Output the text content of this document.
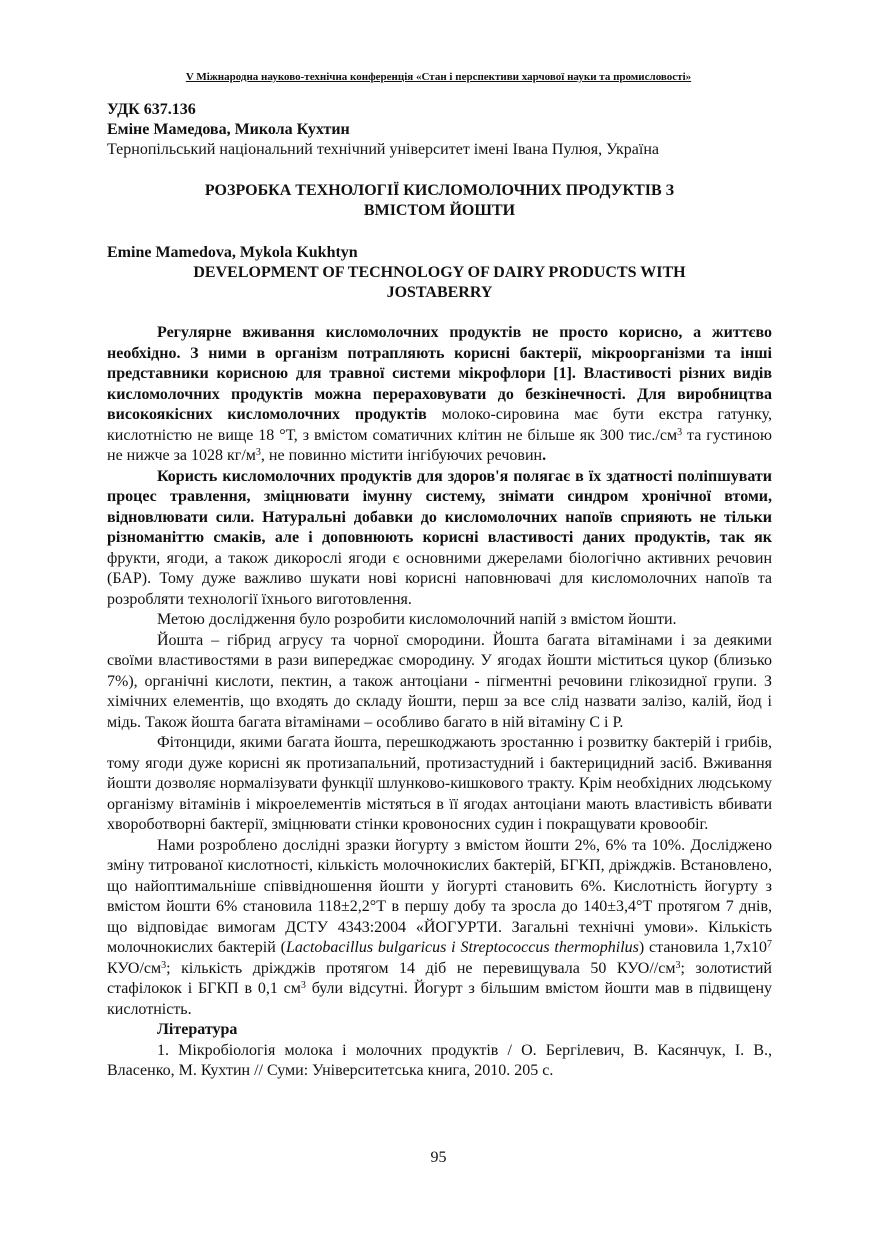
V Міжнародна науково-технічна конференція «Стан і перспективи харчової науки та промисловості»
УДК 637.136
Еміне Мамедова, Микола Кухтин
Тернопільський національний технічний університет імені Івана Пулюя, Україна
РОЗРОБКА ТЕХНОЛОГІЇ КИСЛОМОЛОЧНИХ ПРОДУКТІВ З
ВМІСТОМ ЙОШТИ
Emine Mamedova, Mykola Kukhtyn
DEVELOPMENT OF TECHNOLOGY OF DAIRY PRODUCTS WITH
JOSTABERRY

Регулярне вживання кисломолочних продуктів не просто корисно, а життєво необхідно. З ними в організм потрапляють корисні бактерії, мікроорганізми та інші представники корисною для травної системи мікрофлори [1]. Властивості різних видів кисломолочних продуктів можна перераховувати до безкінечності. Для виробництва високоякісних кисломолочних продуктів молоко-сировина має бути екстра гатунку, кислотністю не вище 18 °Т, з вмістом соматичних клітин не більше як 300 $тис./см^3$ та густиною не нижче за 1028 $кг/м^3$, не повинно містити інгібуючих речовин.

Користь кисломолочних продуктів для здоров'я полягає в їх здатності поліпшувати процес травлення, зміцнювати імунну систему, знімати синдром хронічної втоми, відновлювати сили. Натуральні добавки до кисломолочних напоїв сприяють не тільки різноманіттю смаків, але і доповнюють корисні властивості даних продуктів, так як фрукти, ягоди, а також дикорослі ягоди є основними джерелами біологічно активних речовин (БАР). Тому дуже важливо шукати нові корисні наповнювачі для кисломолочних напоїв та розробляти технології їхнього виготовлення.

Метою дослідження було розробити кисломолочний напій з вмістом йошти.

Йошта – гібрид агрусу та чорної смородини. Йошта багата вітамінами і за деякими своїми властивостями в рази випереджає смородину. У ягодах йошти міститься цукор (близько 7%), органічні кислоти, пектин, а також антоціани - пігментні речовини глікозидної групи. З хімічних елементів, що входять до складу йошти, перш за все слід назвати залізо, калій, йод і мідь. Також йошта багата вітамінами – особливо багато в ній вітаміну С і Р.

Фітонциди, якими багата йошта, перешкоджають зростанню і розвитку бактерій і грибів, тому ягоди дуже корисні як протизапальний, протизастудний і бактерицидний засіб. Вживання йошти дозволяє нормалізувати функції шлунково-кишкового тракту. Крім необхідних людському організму вітамінів і мікроелементів містяться в її ягодах антоціани мають властивість вбивати хвороботворні бактерії, зміцнювати стінки кровоносних судин і покращувати кровообіг.

Нами розроблено дослідні зразки йогурту з вмістом йошти 2%, 6% та 10%. Досліджено зміну титрованої кислотності, кількість молочнокислих бактерій, БГКП, дріжджів. Встановлено, що найоптимальніше співвідношення йошти у йогурті становить 6%. Кислотність йогурту з вмістом йошти 6% становила 118±2,2°Т в першу добу та зросла до 140±3,4°Т протягом 7 днів, що відповідає вимогам ДСТУ 4343:2004 «ЙОГУРТИ. Загальні технічні умови». Кількість молочнокислих бактерій (Lactobacillus bulgaricus і Streptococcus thermophilus) становила $1,7х10^7$ КУО/$см^3$; кількість дріжджів протягом 14 діб не перевищувала 50 КУО/$/см^3$; золотистий стафілокок і БГКП в 0,1 $см^3$ були відсутні. Йогурт з більшим вмістом йошти мав в підвищену кислотність.

Література

1. Мікробіологія молока і молочних продуктів / О. Бергілевич, В. Касянчук, І. В., Власенко, М. Кухтин // Суми: Університетська книга, 2010. 205 с.

95
